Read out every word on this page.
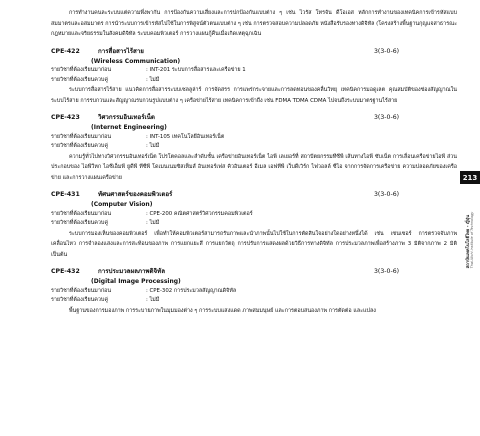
การทำงานคนละระบบแต่ความพึ่งพากัน การป้องกันความเสี่ยงและการปกป้องกันแบบต่าง ๆ เช่น ไวรัส โทรจัน ดีโอเอส หลักการทำงานของเทคนิคการเข้ารหัสแบบสมมาตรและอสมมาตร การนำระบบการเข้ารหัสไปใช้ในการพิสูจน์ตัวตนแบบต่าง ๆ เช่น การตรวจสอบความปลอดภัย หนังสือรับรองทางดิจิทัล (โครงสร้างพื้นฐานกุญแจสาธารณะ กฎหมายและจริยธรรมในสังคมดิจิทัล ระบบคอมพิวเตอร์ การวางแผนกู้คืนเมื่อเกิดเหตุฉุกเฉิน

CPE-422	การสื่อสารไร้สาย	3(3-0-6)
(Wireless Communication)
รายวิชาที่ต้องเรียนมาก่อน	: INT-201 ระบบการสื่อสารและเครือข่าย 1
รายวิชาที่ต้องเรียนควบคู่	: ไม่มี

ระบบการสื่อสารไร้สาย แนวคิดการสื่อสารระบบเซลลูล่าร์ การจัดสรร การแพร่กระจายและการลดทอนของคลื่นวิทยุ เทคนิคการมอดูเลต คุณสมบัติของช่องสัญญาณในระบบไร้สาย การรบกวนและสัญญาณรบกวนรูปแบบต่าง ๆ เครือข่ายไร้สาย เทคนิคการเข้าถึง เช่น FDMA TDMA CDMA ไปจนถึงระบบมาตรฐานไร้สาย

CPE-423	วิศวกรรมอินเทอร์เน็ต	3(3-0-6)
(Internet Engineering)
รายวิชาที่ต้องเรียนมาก่อน	: INT-105 เทคโนโลยีอินเทอร์เน็ต
รายวิชาที่ต้องเรียนควบคู่	: ไม่มี

ความรู้ทั่วไปทางวิศวกรรมอินเทอร์เน็ต โปรโตคอลและลำดับชั้น เครือข่ายอินเทอร์เน็ต ไอพี เลเยอร์ที่ สถาปัตยกรรมทีซีพี เส้นทางไอพี ซับเน็ต การเลื่อนเครือข่ายไอพี ส่วนประกอบของ ไอพีวีหก ไอซีเอ็มพี ยูดีพี ทีซีพี โดเมนเนมซิสเท็มส์ อินเทอร์เฟส คิวอินเตอร์ อีเมล เอฟทีพี เว็บดีเวิร์ก ไฟวอลล์ ซีไอ จากการจัดการเครือข่าย ความปลอดภัยของเครือข่าย และการวางแผนเครือข่าย

CPE-431	ทัศนศาสตร์ของคอมพิวเตอร์	3(3-0-6)
(Computer Vision)
รายวิชาที่ต้องเรียนมาก่อน	: CPE-200 คณิตศาสตร์วิศวกรรมคอมพิวเตอร์
รายวิชาที่ต้องเรียนควบคู่	: ไม่มี

ระบบการมองเห็นของคอมพิวเตอร์ เพื่อทำให้คอมพิวเตอร์สามารถรับภาพและนำภาพนั้นไปใช้ในการตัดสินใจอย่างใดอย่างหนึ่งได้ เช่น เซนเซอร์ การตรวจจับภาพเคลื่อนไหว การจำลองแสงและการสะท้อนของภาพ การแยกแยะสี การแยกวัตถุ การปรับการแสดงผลด้วยวิธีการทางดิจิทัล การประมวลภาพเพื่อสร้างภาพ 3 มิติจากภาพ 2 มิติ เป็นต้น

CPE-432	การประมวลผลภาพดิจิทัล	3(3-0-6)
(Digital Image Processing)
รายวิชาที่ต้องเรียนมาก่อน	: CPE-302 การประมวลสัญญาณดิจิทัล
รายวิชาที่ต้องเรียนควบคู่	: ไม่มี

พื้นฐานของการมองภาพ การระบายภาพในมุมมองต่าง ๆ การระบบแสงแดด ภาพสมมนุษย์ และการตอบสนองภาพ การตัดต่อ และแปลง

213
สถาบันเทคโนโลยีไทย - ญี่ปุ่น Thai-Nichi Institute of Technology
